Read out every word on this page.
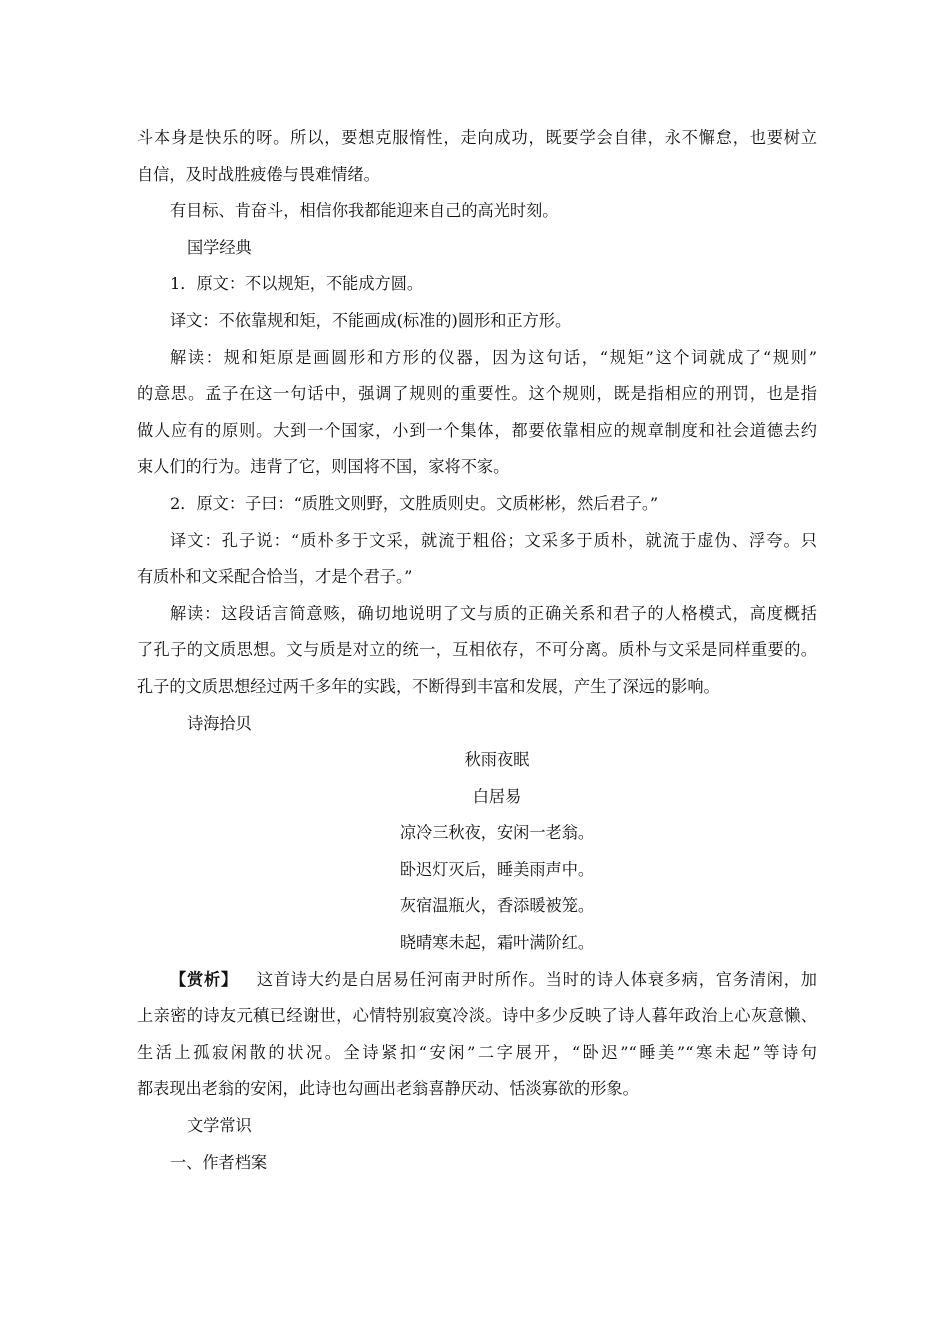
斗本身是快乐的呀。所以，要想克服惰性，走向成功，既要学会自律，永不懈怠，也要树立
自信，及时战胜疲倦与畏难情绪。
有目标、肯奋斗，相信你我都能迎来自己的高光时刻。
国学经典
1．原文：不以规矩，不能成方圆。
译文：不依靠规和矩，不能画成(标准的)圆形和正方形。
解读：规和矩原是画圆形和方形的仪器，因为这句话，“规矩”这个词就成了“规则”
的意思。孟子在这一句话中，强调了规则的重要性。这个规则，既是指相应的刑罚，也是指
做人应有的原则。大到一个国家，小到一个集体，都要依靠相应的规章制度和社会道德去约
束人们的行为。违背了它，则国将不国，家将不家。
2．原文：子曰：“质胜文则野，文胜质则史。文质彬彬，然后君子。”
译文：孔子说：“质朴多于文采，就流于粗俗；文采多于质朴，就流于虚伪、浮夸。只
有质朴和文采配合恰当，才是个君子。”
解读：这段话言简意赅，确切地说明了文与质的正确关系和君子的人格模式，高度概括
了孔子的文质思想。文与质是对立的统一，互相依存，不可分离。质朴与文采是同样重要的。
孔子的文质思想经过两千多年的实践，不断得到丰富和发展，产生了深远的影响。
诗海拾贝
秋雨夜眠
白居易
凉冷三秋夜，安闲一老翁。
卧迟灯灭后，睡美雨声中。
灰宿温瓶火，香添暖被笼。
晓晴寒未起，霜叶满阶红。
【赏析】 这首诗大约是白居易任河南尹时所作。当时的诗人体衰多病，官务清闲，加
上亲密的诗友元稹已经谢世，心情特别寂寞冷淡。诗中多少反映了诗人暮年政治上心灰意懒、
生活上孤寂闲散的状况。全诗紧扣“安闲”二字展开，“卧迟”“睡美”“寒未起”等诗句
都表现出老翁的安闲，此诗也勾画出老翁喜静厌动、恬淡寡欲的形象。
文学常识
一、作者档案
